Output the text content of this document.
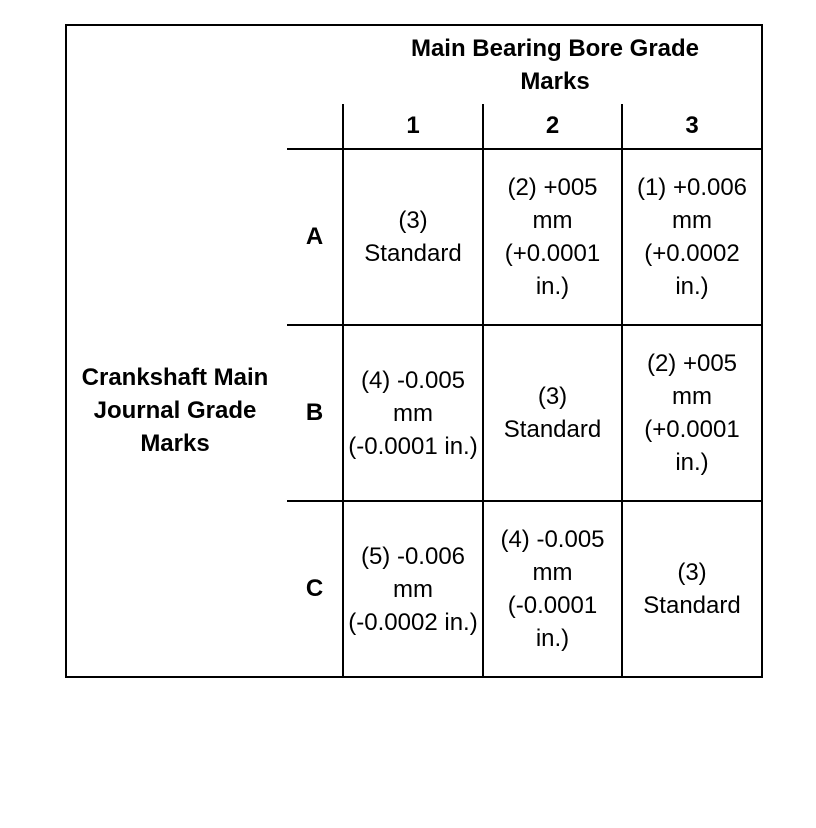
Main Bearing Bore Grade Marks
Crankshaft Main Journal Grade Marks
1	2	3
A
(3) Standard
(2) +005 mm (+0.0001 in.)
(1) +0.006 mm (+0.0002 in.)
B
(4) -0.005 mm (-0.0001 in.)
(3) Standard
(2) +005 mm (+0.0001 in.)
C
(5) -0.006 mm (-0.0002 in.)
(4) -0.005 mm (-0.0001 in.)
(3) Standard
